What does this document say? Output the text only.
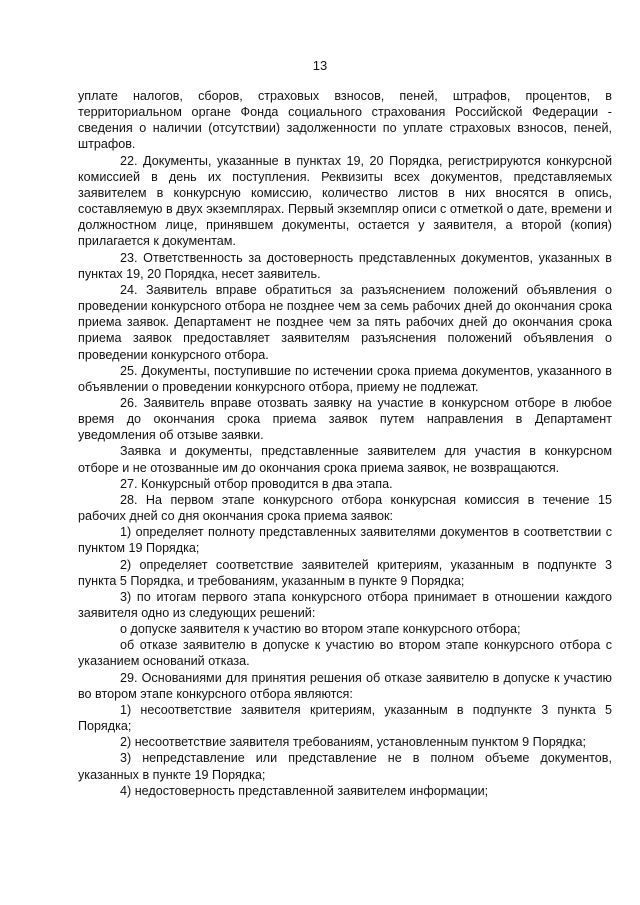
13

уплате налогов, сборов, страховых взносов, пеней, штрафов, процентов, в территориальном органе Фонда социального страхования Российской Федерации - сведения о наличии (отсутствии) задолженности по уплате страховых взносов, пеней, штрафов.

22. Документы, указанные в пунктах 19, 20 Порядка, регистрируются конкурсной комиссией в день их поступления. Реквизиты всех документов, представляемых заявителем в конкурсную комиссию, количество листов в них вносятся в опись, составляемую в двух экземплярах. Первый экземпляр описи с отметкой о дате, времени и должностном лице, принявшем документы, остается у заявителя, а второй (копия) прилагается к документам.

23. Ответственность за достоверность представленных документов, указанных в пунктах 19, 20 Порядка, несет заявитель.

24. Заявитель вправе обратиться за разъяснением положений объявления о проведении конкурсного отбора не позднее чем за семь рабочих дней до окончания срока приема заявок. Департамент не позднее чем за пять рабочих дней до окончания срока приема заявок предоставляет заявителям разъяснения положений объявления о проведении конкурсного отбора.

25. Документы, поступившие по истечении срока приема документов, указанного в объявлении о проведении конкурсного отбора, приему не подлежат.

26. Заявитель вправе отозвать заявку на участие в конкурсном отборе в любое время до окончания срока приема заявок путем направления в Департамент уведомления об отзыве заявки.

Заявка и документы, представленные заявителем для участия в конкурсном отборе и не отозванные им до окончания срока приема заявок, не возвращаются.

27. Конкурсный отбор проводится в два этапа.

28. На первом этапе конкурсного отбора конкурсная комиссия в течение 15 рабочих дней со дня окончания срока приема заявок:

1) определяет полноту представленных заявителями документов в соответствии с пунктом 19 Порядка;

2) определяет соответствие заявителей критериям, указанным в подпункте 3 пункта 5 Порядка, и требованиям, указанным в пункте 9 Порядка;

3) по итогам первого этапа конкурсного отбора принимает в отношении каждого заявителя одно из следующих решений:

о допуске заявителя к участию во втором этапе конкурсного отбора;

об отказе заявителю в допуске к участию во втором этапе конкурсного отбора с указанием оснований отказа.

29. Основаниями для принятия решения об отказе заявителю в допуске к участию во втором этапе конкурсного отбора являются:

1) несоответствие заявителя критериям, указанным в подпункте 3 пункта 5 Порядка;

2) несоответствие заявителя требованиям, установленным пунктом 9 Порядка;

3) непредставление или представление не в полном объеме документов, указанных в пункте 19 Порядка;

4) недостоверность представленной заявителем информации;
